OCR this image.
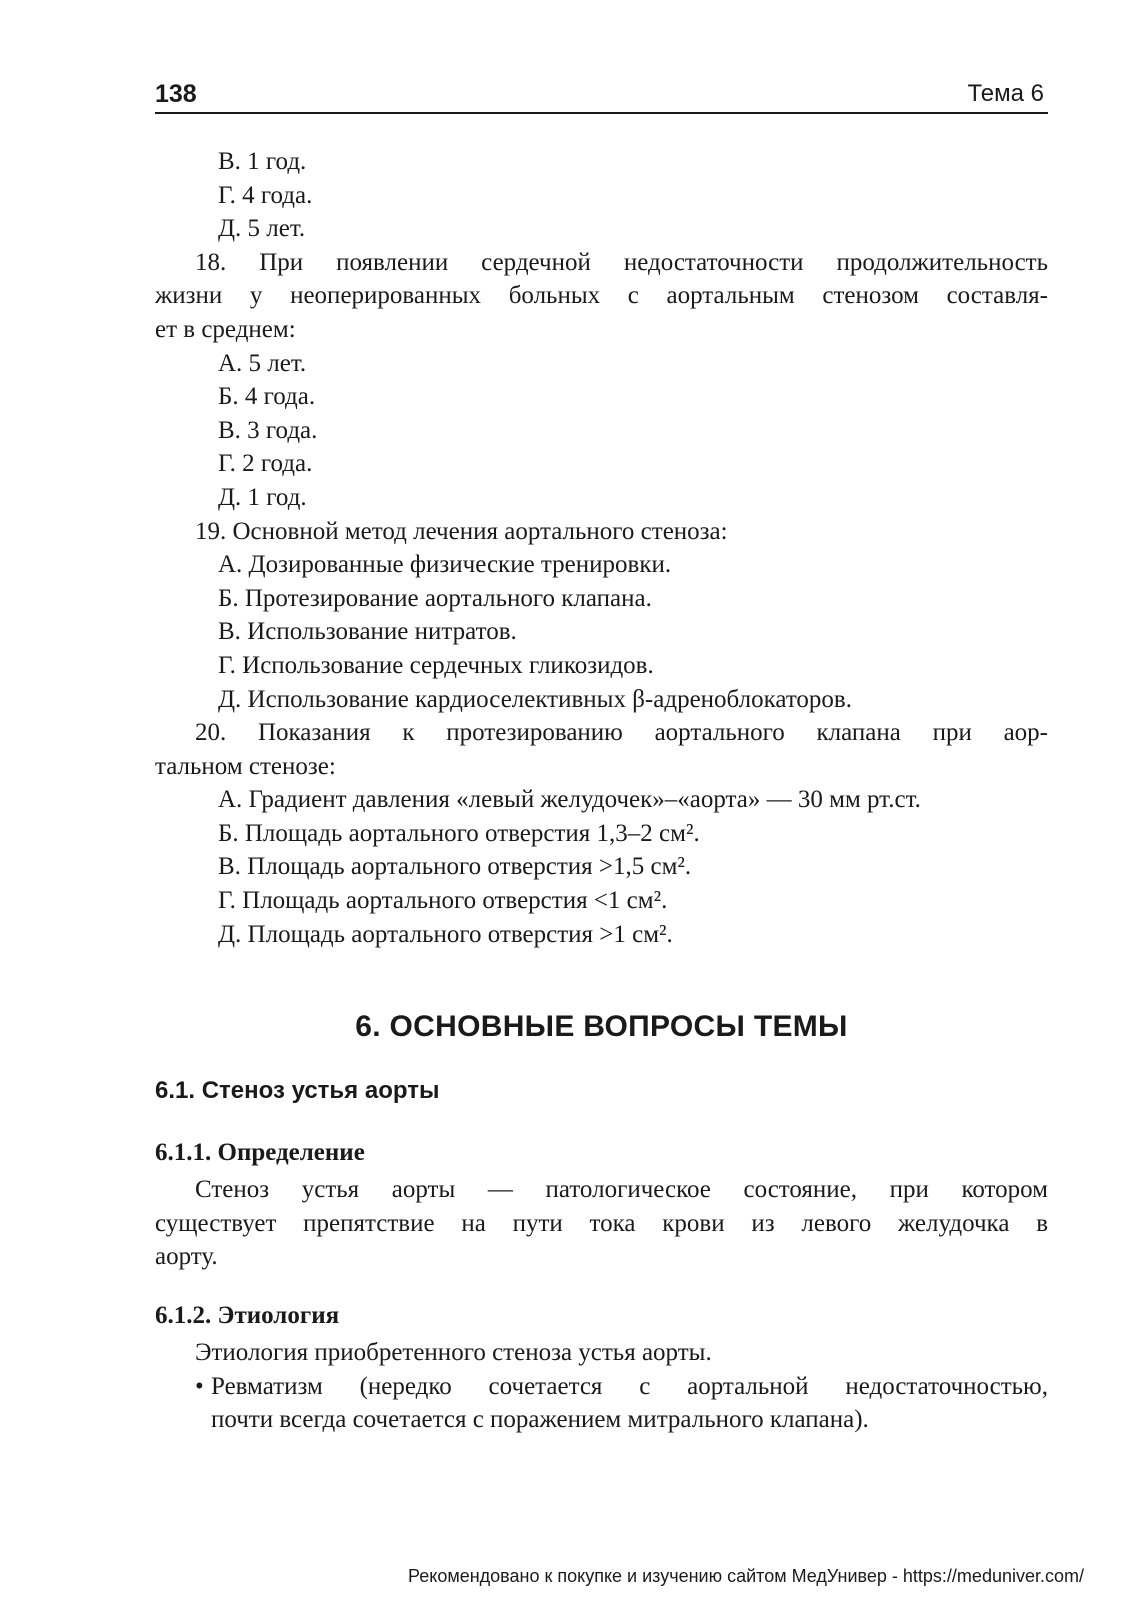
138	Тема 6
В. 1 год.
Г. 4 года.
Д. 5 лет.
18. При появлении сердечной недостаточности продолжительность
жизни у неоперированных больных с аортальным стенозом составля-
ет в среднем:
А. 5 лет.
Б. 4 года.
В. 3 года.
Г. 2 года.
Д. 1 год.
19. Основной метод лечения аортального стеноза:
А. Дозированные физические тренировки.
Б. Протезирование аортального клапана.
В. Использование нитратов.
Г. Использование сердечных гликозидов.
Д. Использование кардиоселективных β-адреноблокаторов.
20. Показания к протезированию аортального клапана при аор-
тальном стенозе:
А. Градиент давления «левый желудочек»–«аорта» — 30 мм рт.ст.
Б. Площадь аортального отверстия 1,3–2 см².
В. Площадь аортального отверстия >1,5 см².
Г. Площадь аортального отверстия <1 см².
Д. Площадь аортального отверстия >1 см².
6. ОСНОВНЫЕ ВОПРОСЫ ТЕМЫ
6.1. Стеноз устья аорты
6.1.1. Определение
Стеноз устья аорты — патологическое состояние, при котором
существует препятствие на пути тока крови из левого желудочка в
аорту.
6.1.2. Этиология
Этиология приобретенного стеноза устья аорты.
• Ревматизм (нередко сочетается с аортальной недостаточностью,
почти всегда сочетается с поражением митрального клапана).
Рекомендовано к покупке и изучению сайтом МедУнивер - https://meduniver.com/
